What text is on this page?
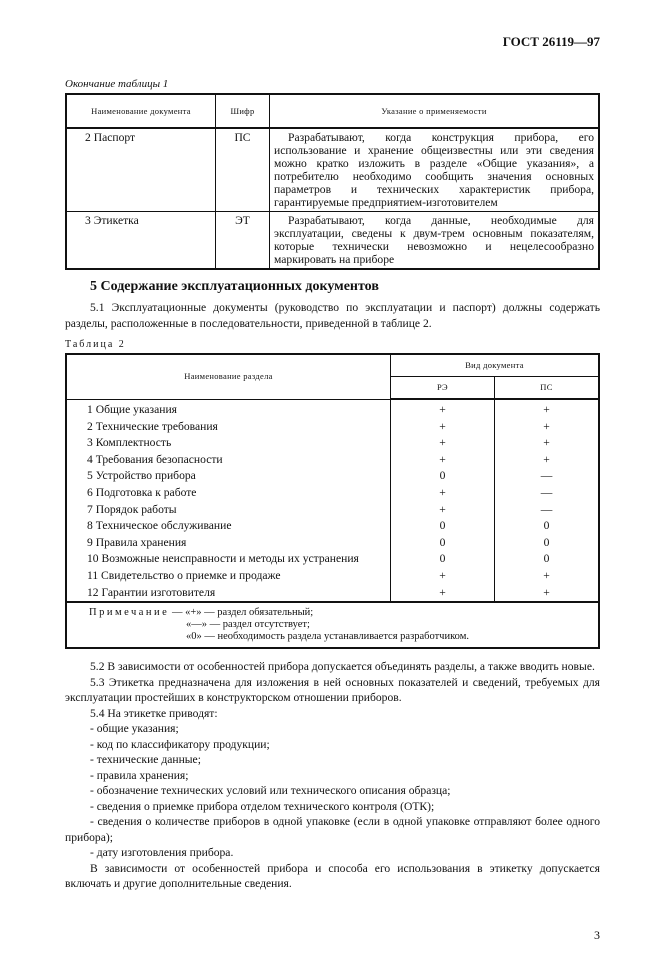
ГОСТ 26119—97
Окончание таблицы 1
Наименование документа	Шифр	Указание о применяемости
2 Паспорт	ПС	Разрабатывают, когда конструкция прибора, его использование и хранение общеизвестны или эти сведения можно кратко изложить в разделе «Общие указания», а потребителю необходимо сообщить значения основных параметров и технических характеристик прибора, гарантируемые предприятием-изготовителем
3 Этикетка	ЭТ	Разрабатывают, когда данные, необходимые для эксплуатации, сведены к двум-трем основным показателям, которые технически невозможно и нецелесообразно маркировать на приборе
5 Содержание эксплуатационных документов
5.1 Эксплуатационные документы (руководство по эксплуатации и паспорт) должны содержать разделы, расположенные в последовательности, приведенной в таблице 2.
Таблица 2
Наименование раздела	Вид документа	
	РЭ	ПС
1 Общие указания	+	+
2 Технические требования	+	+
3 Комплектность	+	+
4 Требования безопасности	+	+
5 Устройство прибора	0	—
6 Подготовка к работе	+	—
7 Порядок работы	+	—
8 Техническое обслуживание	0	0
9 Правила хранения	0	0
10 Возможные неисправности и методы их устранения	0	0
11 Свидетельство о приемке и продаже	+	+
12 Гарантии изготовителя	+	+

Примечание — «+» — раздел обязательный;
«—» — раздел отсутствует;
«0» — необходимость раздела устанавливается разработчиком.		
5.2 В зависимости от особенностей прибора допускается объединять разделы, а также вводить новые.
5.3 Этикетка предназначена для изложения в ней основных показателей и сведений, требуемых для эксплуатации простейших в конструкторском отношении приборов.
5.4 На этикетке приводят:
- общие указания;
- код по классификатору продукции;
- технические данные;
- правила хранения;
- обозначение технических условий или технического описания образца;
- сведения о приемке прибора отделом технического контроля (ОТК);
- сведения о количестве приборов в одной упаковке (если в одной упаковке отправляют более одного прибора);
- дату изготовления прибора.
В зависимости от особенностей прибора и способа его использования в этикетку допускается включать и другие дополнительные сведения.
3
